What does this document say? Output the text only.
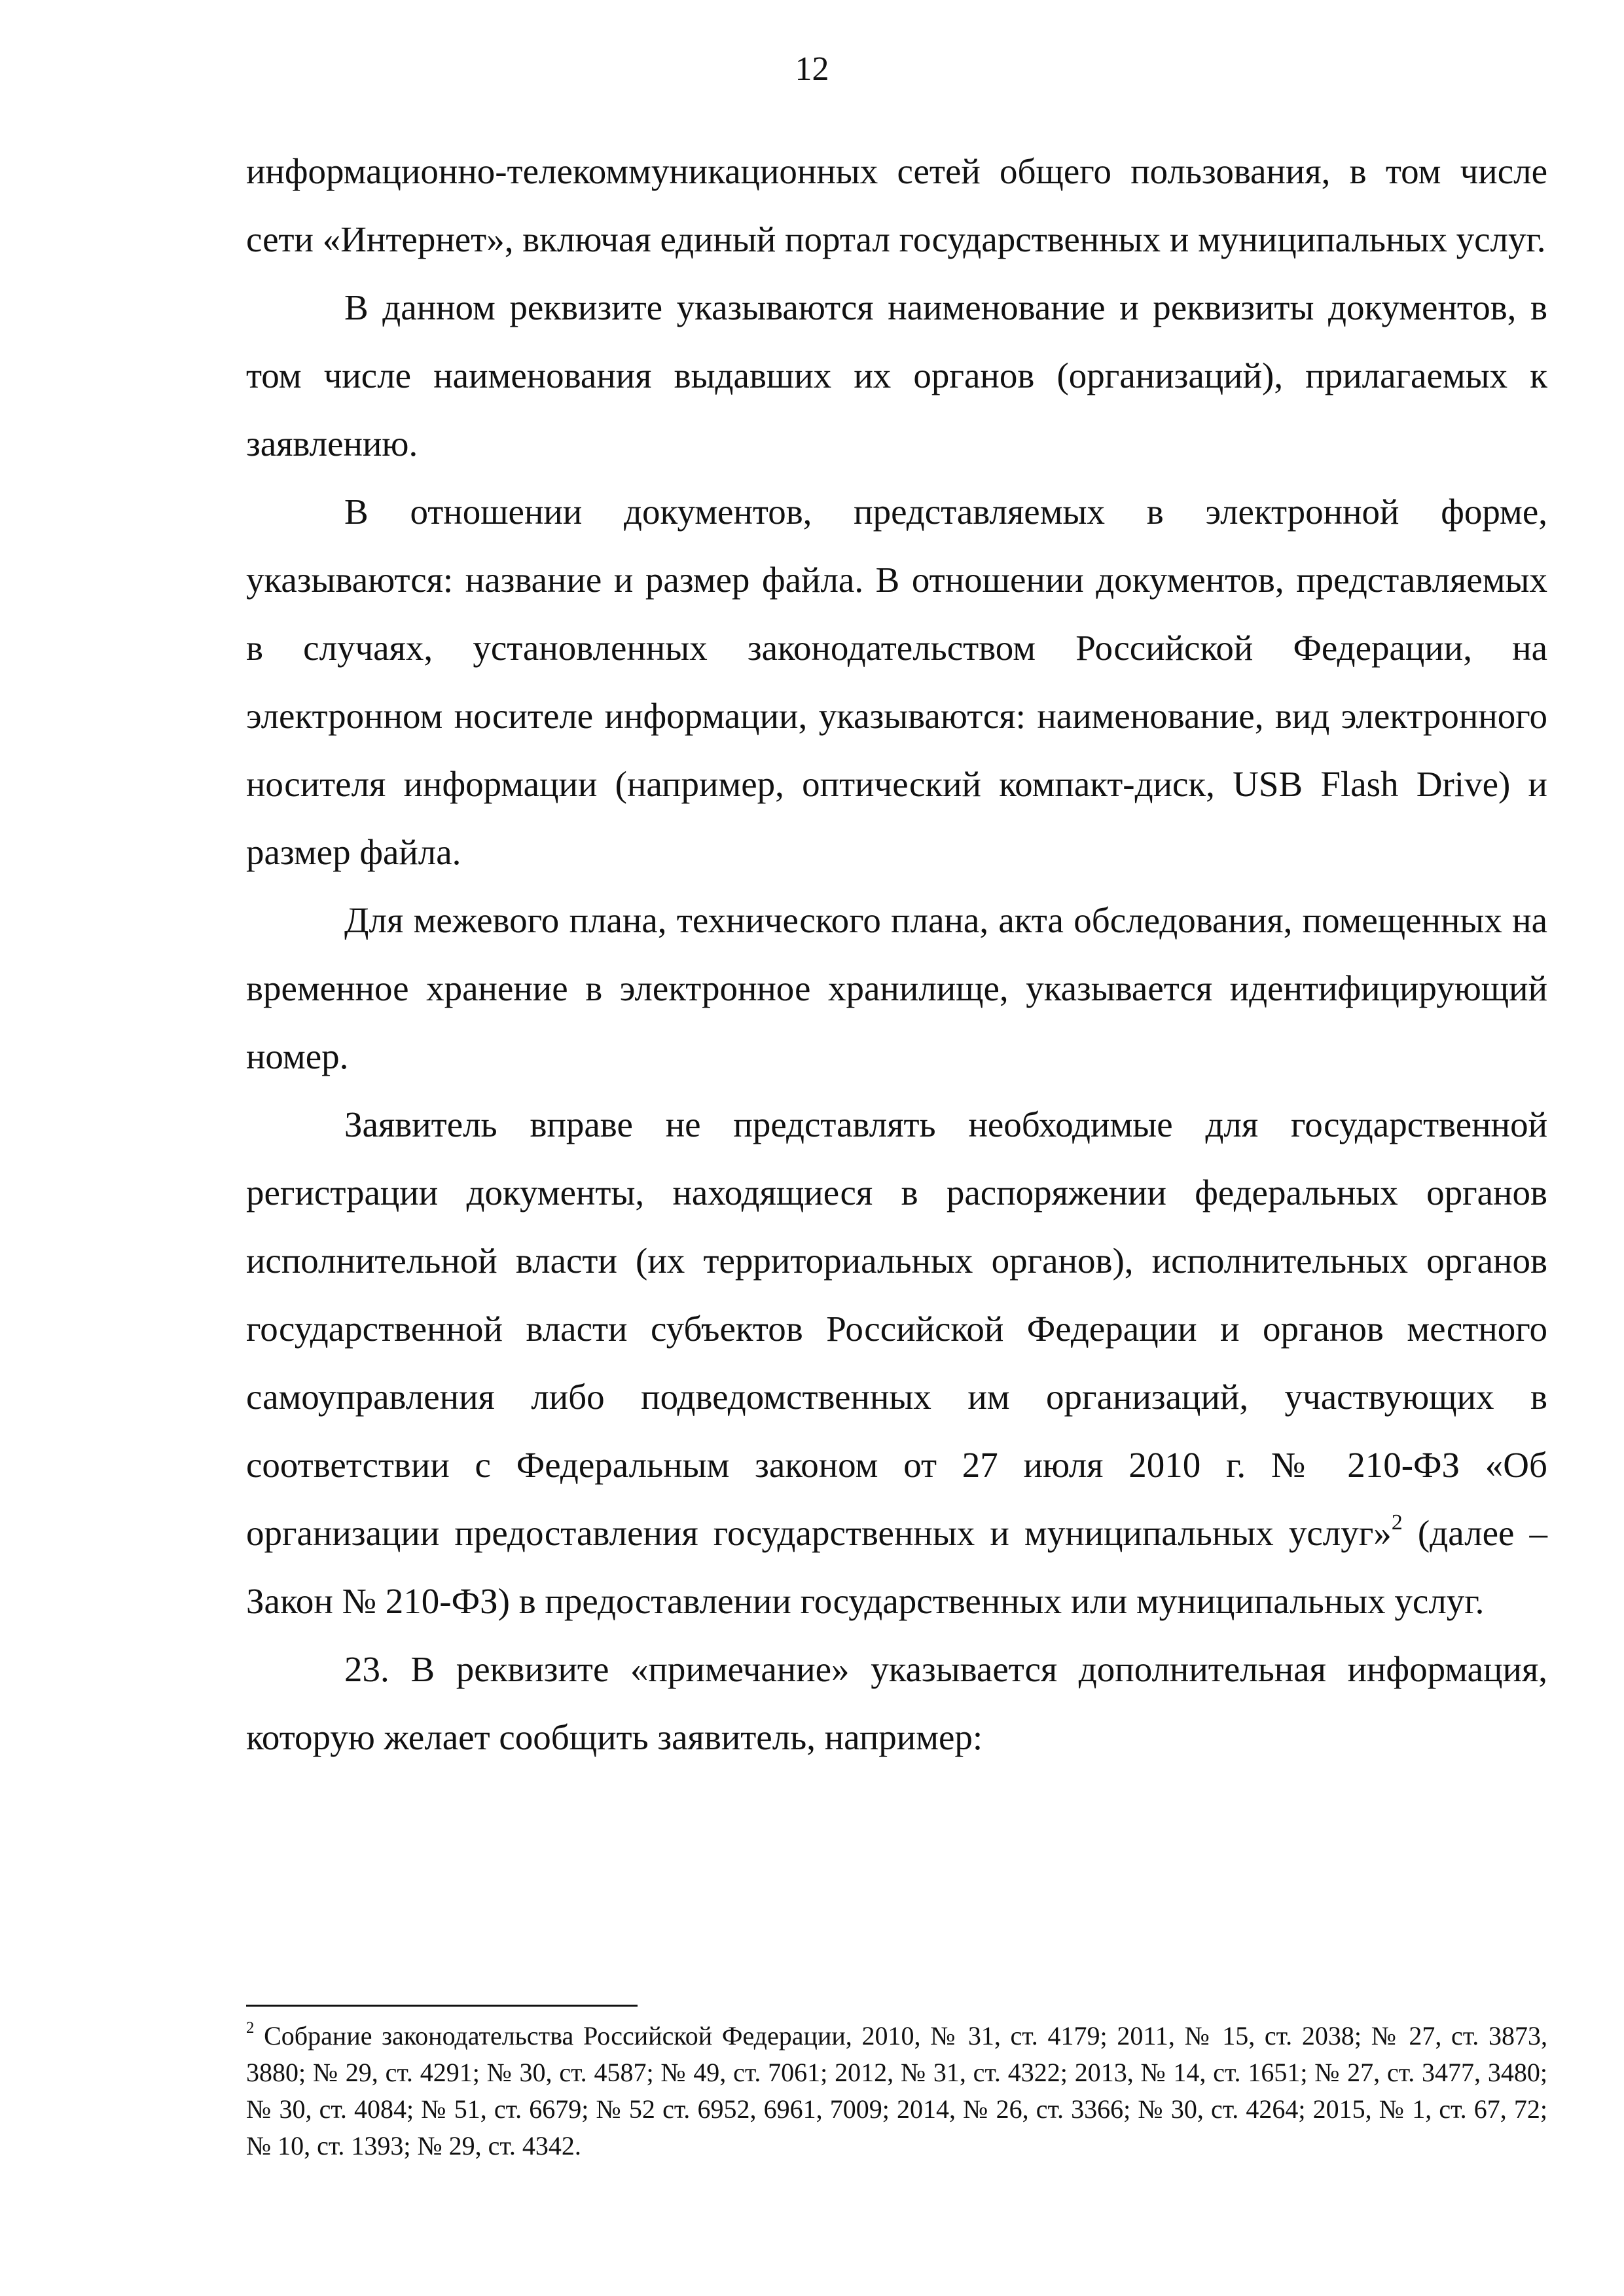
12

информационно-телекоммуникационных сетей общего пользования, в том числе сети «Интернет», включая единый портал государственных и муниципальных услуг.

В данном реквизите указываются наименование и реквизиты документов, в том числе наименования выдавших их органов (организаций), прилагаемых к заявлению.

В отношении документов, представляемых в электронной форме, указываются: название и размер файла. В отношении документов, представляемых в случаях, установленных законодательством Российской Федерации, на электронном носителе информации, указываются: наименование, вид электронного носителя информации (например, оптический компакт-диск, USB Flash Drive) и размер файла.

Для межевого плана, технического плана, акта обследования, помещенных на временное хранение в электронное хранилище, указывается идентифицирующий номер.

Заявитель вправе не представлять необходимые для государственной регистрации документы, находящиеся в распоряжении федеральных органов исполнительной власти (их территориальных органов), исполнительных органов государственной власти субъектов Российской Федерации и органов местного самоуправления либо подведомственных им организаций, участвующих в соответствии с Федеральным законом от 27 июля 2010 г. № 210-ФЗ «Об организации предоставления государственных и муниципальных услуг»$^2$ (далее – Закон № 210-ФЗ) в предоставлении государственных или муниципальных услуг.

23. В реквизите «примечание» указывается дополнительная информация, которую желает сообщить заявитель, например:

$^2$ Собрание законодательства Российской Федерации, 2010, № 31, ст. 4179; 2011, № 15, ст. 2038; № 27, ст. 3873, 3880; № 29, ст. 4291; № 30, ст. 4587; № 49, ст. 7061; 2012, № 31, ст. 4322; 2013, № 14, ст. 1651; № 27, ст. 3477, 3480; № 30, ст. 4084; № 51, ст. 6679; № 52 ст. 6952, 6961, 7009; 2014, № 26, ст. 3366; № 30, ст. 4264; 2015, № 1, ст. 67, 72; № 10, ст. 1393; № 29, ст. 4342.
